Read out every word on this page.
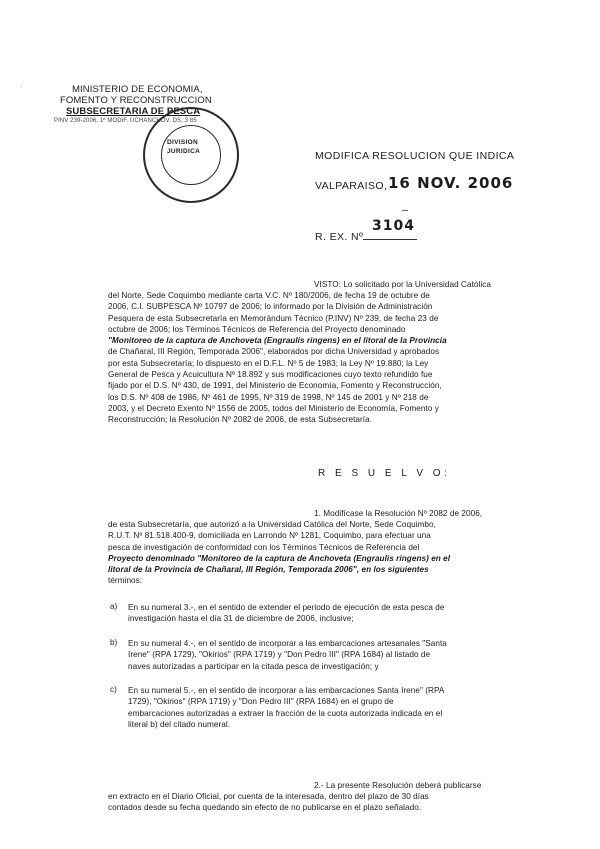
·	MINISTERIO DE ECONOMIA,
FOMENTO Y RECONSTRUCCION
SUBSECRETARIA DE PESCA
PINV 239-2006, 1º MODIF. UCHANCHOV, DS, 3 85
DIVISION
JURIDICA	MODIFICA RESOLUCION QUE INDICA
VALPARAISO, 16 NOV. 2006
R. EX. Nº
3104
VISTO: Lo solicitado por la Universidad Católica
del Norte, Sede Coquimbo mediante carta V.C. Nº 180/2006, de fecha 19 de octubre de
2006, C.I. SUBPESCA Nº 10797 de 2006; lo informado por la División de Administración
Pesquera de esta Subsecretaría en Memorándum Técnico (P.INV) Nº 239, de fecha 23 de
octubre de 2006; los Términos Técnicos de Referencia del Proyecto denominado
"Monitoreo de la captura de Anchoveta (Engraulis ringens) en el litoral de la Provincia
de Chañaral, III Región, Temporada 2006", elaborados por dicha Universidad y aprobados
por esta Subsecretaría; lo dispuesto en el D.F.L. Nº 5 de 1983; la Ley Nº 19.880; la Ley
General de Pesca y Acuicultura Nº 18.892 y sus modificaciones cuyo texto refundido fue
fijado por el D.S. Nº 430, de 1991, del Ministerio de Economía, Fomento y Reconstrucción,
los D.S. Nº 408 de 1986, Nº 461 de 1995, Nº 319 de 1998, Nº 145 de 2001 y Nº 218 de
2003, y el Decreto Exento Nº 1556 de 2005, todos del Ministerio de Economía, Fomento y
Reconstrucción; la Resolución Nº 2082 de 2006, de esta Subsecretaría.
R E S U E L V O:
1. Modifícase la Resolución Nº 2082 de 2006,
de esta Subsecretaría, que autorizó a la Universidad Católica del Norte, Sede Coquimbo,
R.U.T. Nº 81.518.400-9, domiciliada en Larrondo Nº 1281, Coquimbo, para efectuar una
pesca de investigación de conformidad con los Términos Técnicos de Referencia del
Proyecto denominado "Monitoreo de la captura de Anchoveta (Engraulis ringens) en el
litoral de la Provincia de Chañaral, III Región, Temporada 2006", en los siguientes
términos:
a) En su numeral 3.-, en el sentido de extender el periodo de ejecución de esta pesca de
investigación hasta el día 31 de diciembre de 2006, inclusive;
b) En su numeral 4.-, en el sentido de incorporar a las embarcaciones artesanales "Santa
Irene" (RPA 1729), "Okirios" (RPA 1719) y "Don Pedro III" (RPA 1684) al listado de
naves autorizadas a participar en la citada pesca de investigación; y
c) En su numeral 5.-, en el sentido de incorporar a las embarcaciones Santa Irene" (RPA
1729), "Okirios" (RPA 1719) y "Don Pedro III" (RPA 1684) en el grupo de
embarcaciones autorizadas a extraer la fracción de la cuota autorizada indicada en el
literal b) del citado numeral.
2.- La presente Resolución deberá publicarse
en extracto en el Diario Oficial, por cuenta de la interesada, dentro del plazo de 30 días
contados desde su fecha quedando sin efecto de no publicarse en el plazo señalado.
